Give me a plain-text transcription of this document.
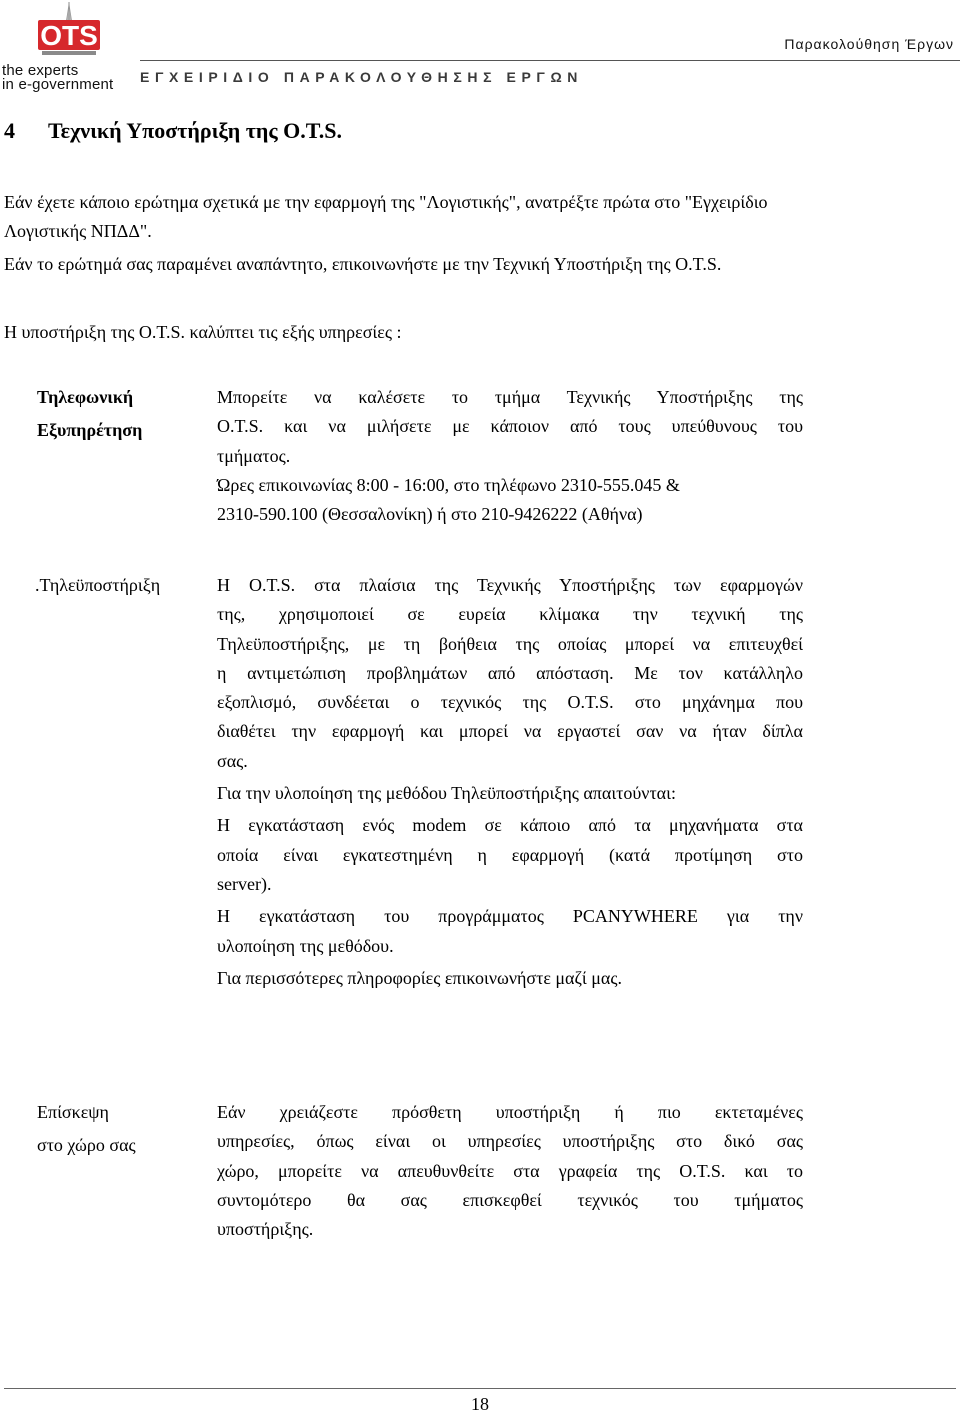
OTS
the experts
in e-government
Παρακολούθηση Έργων
ΕΓΧΕΙΡΙΔΙΟ ΠΑΡΑΚΟΛΟΥΘΗΣΗΣ ΕΡΓΩΝ
4 Τεχνική Υποστήριξη της O.T.S.
Εάν έχετε κάποιο ερώτημα σχετικά με την εφαρμογή της "Λογιστικής", ανατρέξτε πρώτα στο "Εγχειρίδιο
Λογιστικής ΝΠΔΔ".
Εάν το ερώτημά σας παραμένει αναπάντητο, επικοινωνήστε με την Τεχνική Υποστήριξη της O.T.S.
Η υποστήριξη της O.T.S. καλύπτει τις εξής υπηρεσίες :
Τηλεφωνική
Εξυπηρέτηση
Μπορείτε να καλέσετε το τμήμα Τεχνικής Υποστήριξης της
O.T.S. και να μιλήσετε με κάποιον από τους υπεύθυνους του
τμήματος.
Ώρες επικοινωνίας 8:00 - 16:00, στο τηλέφωνο 2310-555.045 &
2310-590.100 (Θεσσαλονίκη) ή στο 210-9426222 (Αθήνα)
.Τηλεϋποστήριξη	Η O.T.S. στα πλαίσια της Τεχνικής Υποστήριξης των εφαρμογών
της, χρησιμοποιεί σε ευρεία κλίμακα την τεχνική της
Τηλεϋποστήριξης, με τη βοήθεια της οποίας μπορεί να επιτευχθεί
η αντιμετώπιση προβλημάτων από απόσταση. Με τον κατάλληλο
εξοπλισμό, συνδέεται ο τεχνικός της O.T.S. στο μηχάνημα που
διαθέτει την εφαρμογή και μπορεί να εργαστεί σαν να ήταν δίπλα
σας.
Για την υλοποίηση της μεθόδου Τηλεϋποστήριξης απαιτούνται:
Η εγκατάσταση ενός modem σε κάποιο από τα μηχανήματα στα
οποία είναι εγκατεστημένη η εφαρμογή (κατά προτίμηση στο
server).
Η εγκατάσταση του προγράμματος PCANYWHERE για την
υλοποίηση της μεθόδου.
Για περισσότερες πληροφορίες επικοινωνήστε μαζί μας.
Επίσκεψη
στο χώρο σας
Εάν χρειάζεστε πρόσθετη υποστήριξη ή πιο εκτεταμένες
υπηρεσίες, όπως είναι οι υπηρεσίες υποστήριξης στο δικό σας
χώρο, μπορείτε να απευθυνθείτε στα γραφεία της O.T.S. και το
συντομότερο θα σας επισκεφθεί τεχνικός του τμήματος
υποστήριξης.
18
